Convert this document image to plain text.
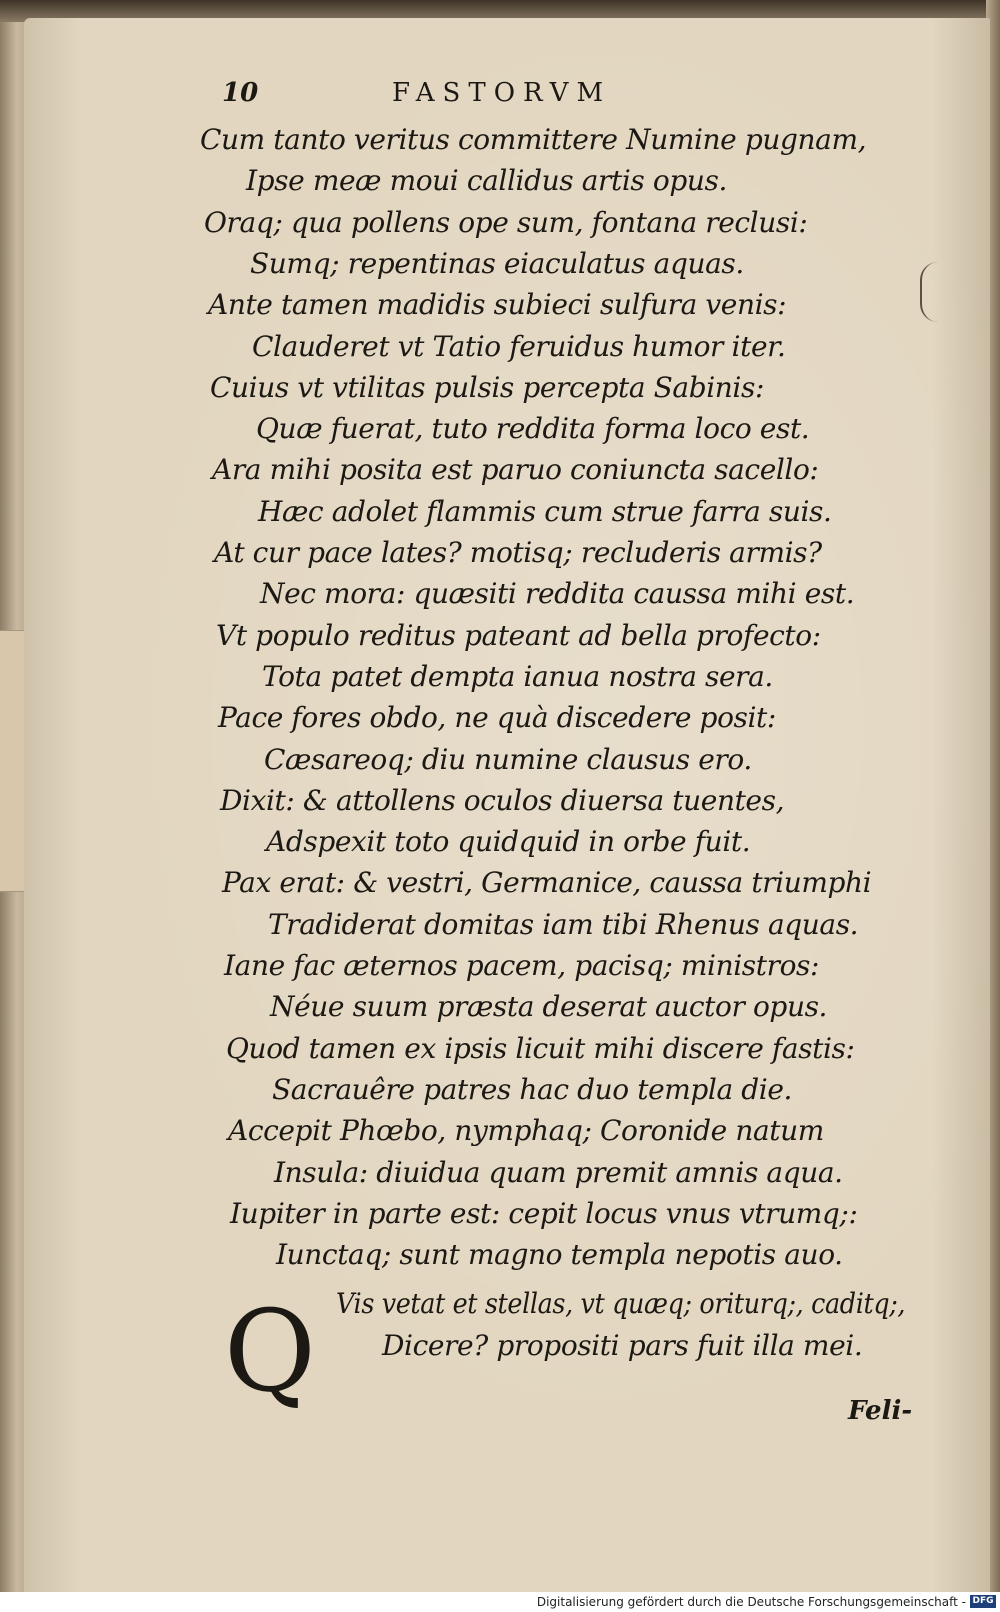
10	FASTORVM
Cum tanto veritus committere Numine pugnam,
Ipse meæ moui callidus artis opus.
Oraq; qua pollens ope sum, fontana reclusi:
Sumq; repentinas eiaculatus aquas.
Ante tamen madidis subieci sulfura venis:
Clauderet vt Tatio feruidus humor iter.
Cuius vt vtilitas pulsis percepta Sabinis:
Quæ fuerat, tuto reddita forma loco est.
Ara mihi posita est paruo coniuncta sacello:
Hæc adolet flammis cum strue farra suis.
At cur pace lates? motisq; recluderis armis?
Nec mora: quæsiti reddita caussa mihi est.
Vt populo reditus pateant ad bella profecto:
Tota patet dempta ianua nostra sera.
Pace fores obdo, ne quà discedere posit:
Cæsareoq; diu numine clausus ero.
Dixit: & attollens oculos diuersa tuentes,
Adspexit toto quidquid in orbe fuit.
Pax erat: & vestri, Germanice, caussa triumphi
Tradiderat domitas iam tibi Rhenus aquas.
Iane fac æternos pacem, pacisq; ministros:
Néue suum præsta deserat auctor opus.
Quod tamen ex ipsis licuit mihi discere fastis:
Sacrauêre patres hac duo templa die.
Accepit Phœbo, nymphaq; Coronide natum
Insula: diuidua quam premit amnis aqua.
Iupiter in parte est: cepit locus vnus vtrumq;:
Iunctaq; sunt magno templa nepotis auo.
Q Vis vetat et stellas, vt quæq; oriturq;, caditq;,
Dicere? propositi pars fuit illa mei.
Feli-
Digitalisierung gefördert durch die Deutsche Forschungsgemeinschaft - DFG
